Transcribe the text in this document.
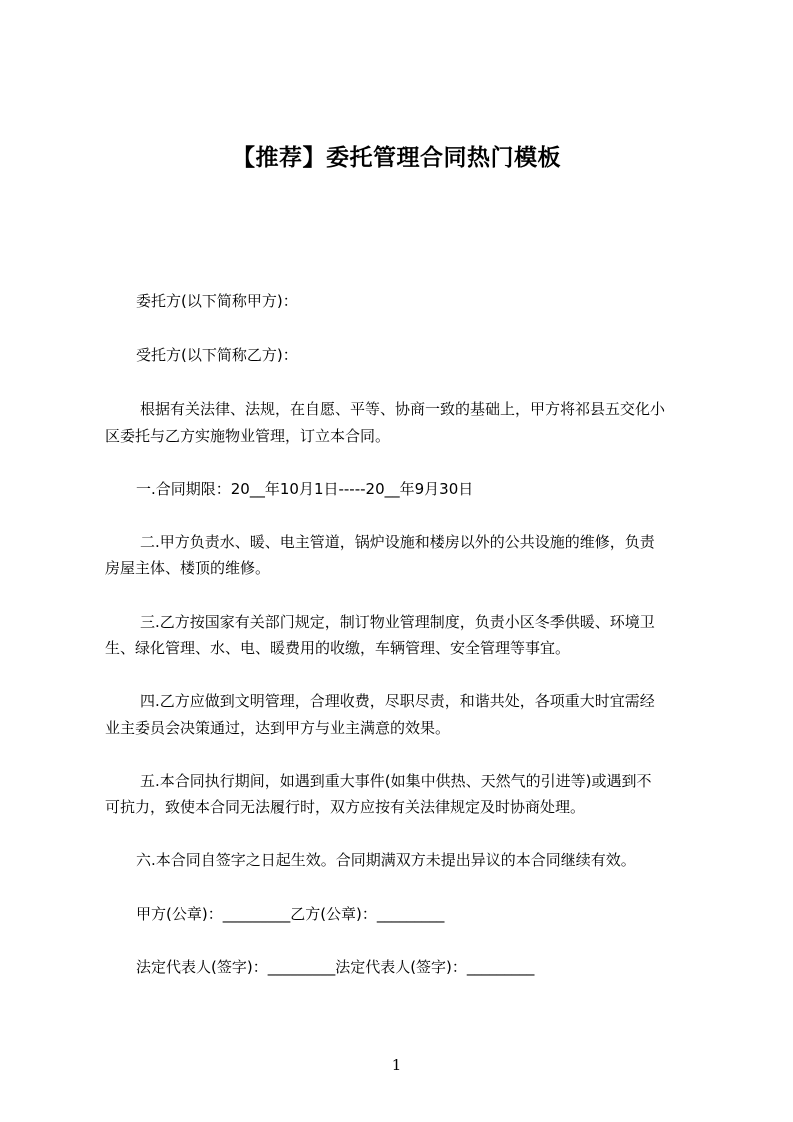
【推荐】委托管理合同热门模板
委托方(以下简称甲方)：
受托方(以下简称乙方)：
根据有关法律、法规，在自愿、平等、协商一致的基础上，甲方将祁县五交化小
区委托与乙方实施物业管理，订立本合同。
一.合同期限：20__年10月1日-----20__年9月30日
二.甲方负责水、暖、电主管道，锅炉设施和楼房以外的公共设施的维修，负责
房屋主体、楼顶的维修。
三.乙方按国家有关部门规定，制订物业管理制度，负责小区冬季供暖、环境卫
生、绿化管理、水、电、暖费用的收缴，车辆管理、安全管理等事宜。
四.乙方应做到文明管理，合理收费，尽职尽责，和谐共处，各项重大时宜需经
业主委员会决策通过，达到甲方与业主满意的效果。
五.本合同执行期间，如遇到重大事件(如集中供热、天然气的引进等)或遇到不
可抗力，致使本合同无法履行时，双方应按有关法律规定及时协商处理。
六.本合同自签字之日起生效。合同期满双方未提出异议的本合同继续有效。
甲方(公章)：_________乙方(公章)：_________
法定代表人(签字)：_________法定代表人(签字)：_________
1
